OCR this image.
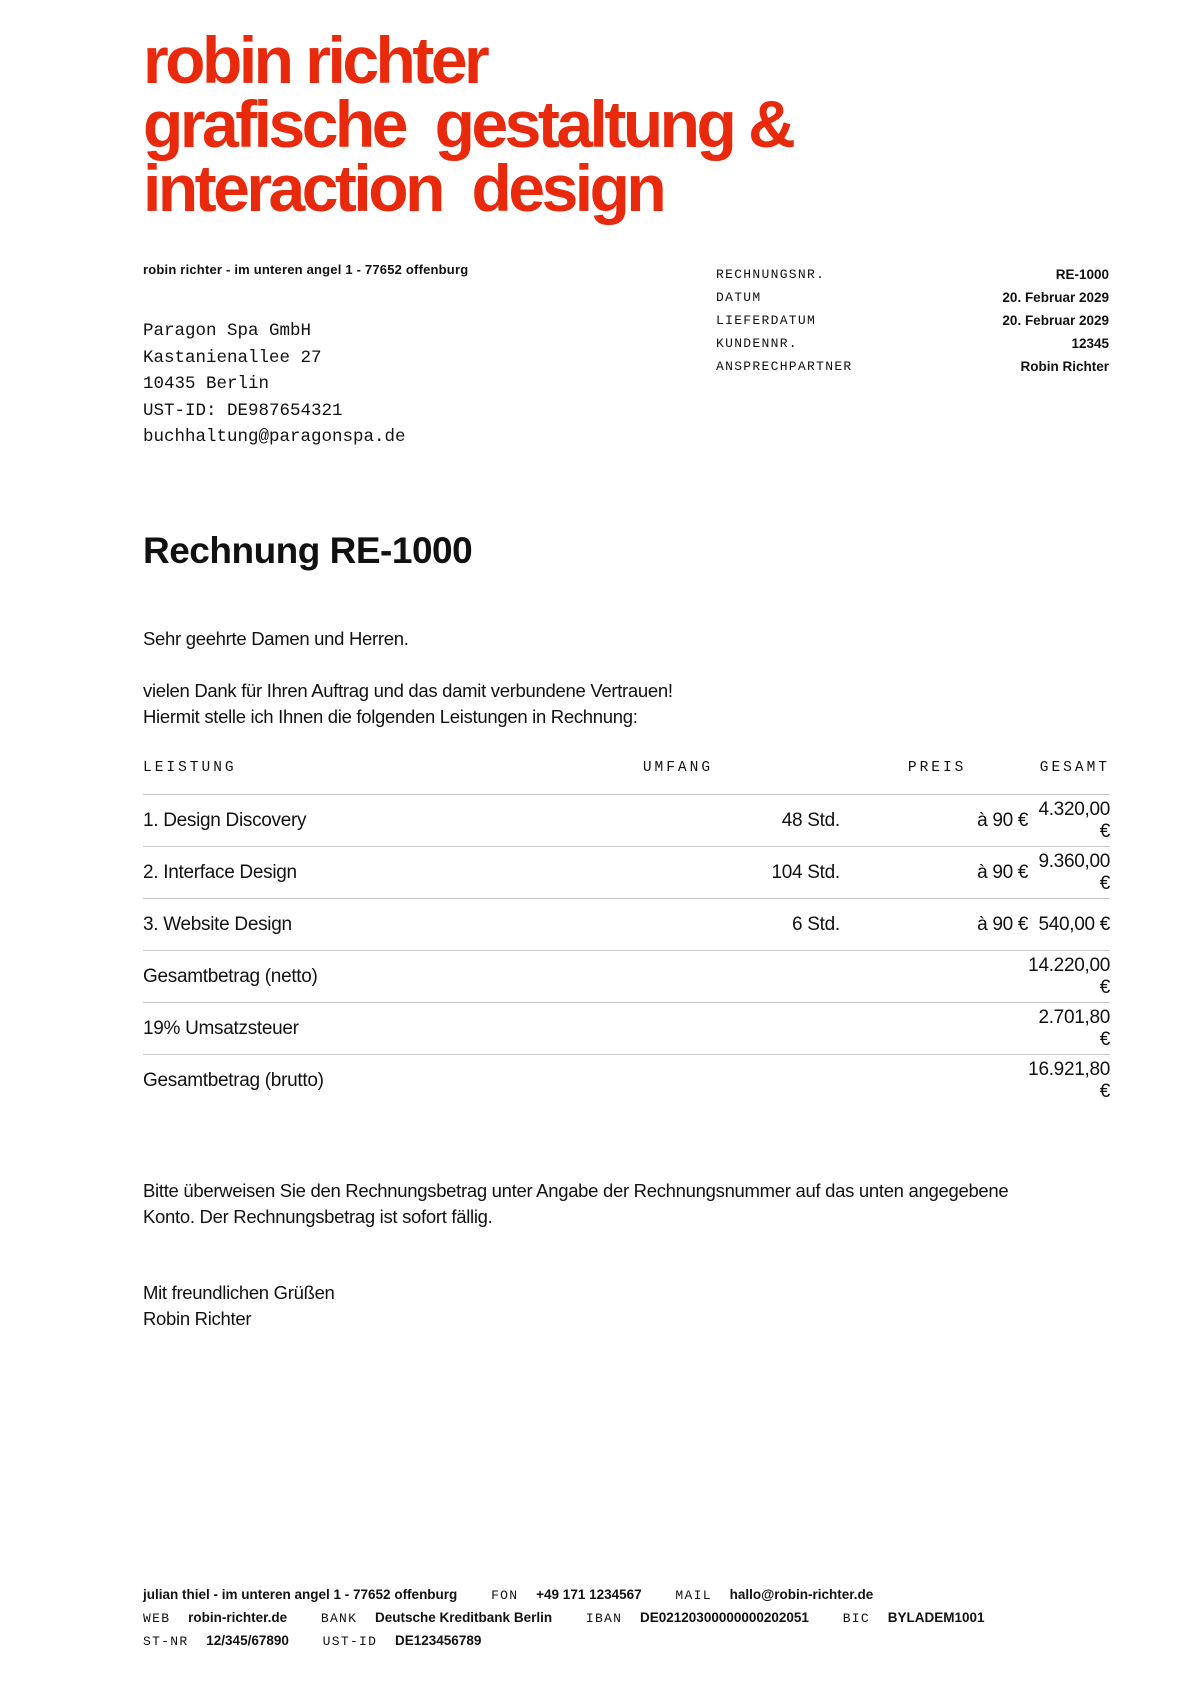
robin richter
grafische  gestaltung &
interaction  design
robin richter - im unteren angel 1 - 77652 offenburg
Paragon Spa GmbH
Kastanienallee 27
10435 Berlin
UST-ID: DE987654321
buchhaltung@paragonspa.de
RECHNUNGSNR.	RE-1000
DATUM	20. Februar 2029
LIEFERDATUM	20. Februar 2029
KUNDENNR.	12345
ANSPRECHPARTNER	Robin Richter
Rechnung RE-1000
Sehr geehrte Damen und Herren.
vielen Dank für Ihren Auftrag und das damit verbundene Vertrauen!
Hiermit stelle ich Ihnen die folgenden Leistungen in Rechnung:
LEISTUNG	UMFANG	PREIS	GESAMT
1. Design Discovery	48 Std.	à 90 €	4.320,00 €
2. Interface Design	104 Std.	à 90 €	9.360,00 €
3. Website Design	6 Std.	à 90 €	540,00 €
Gesamtbetrag (netto)			14.220,00 €
19% Umsatzsteuer			2.701,80 €
Gesamtbetrag (brutto)			16.921,80 €
Bitte überweisen Sie den Rechnungsbetrag unter Angabe der Rechnungsnummer auf das unten angegebene
Konto. Der Rechnungsbetrag ist sofort fällig.
Mit freundlichen Grüßen
Robin Richter
julian thiel - im unteren angel 1 - 77652 offenburg	FON +49 171 1234567	MAIL hallo@robin-richter.de
WEB robin-richter.de	BANK Deutsche Kreditbank Berlin	IBAN DE02120300000000202051	BIC BYLADEM1001
ST-NR 12/345/67890	UST-ID DE123456789
